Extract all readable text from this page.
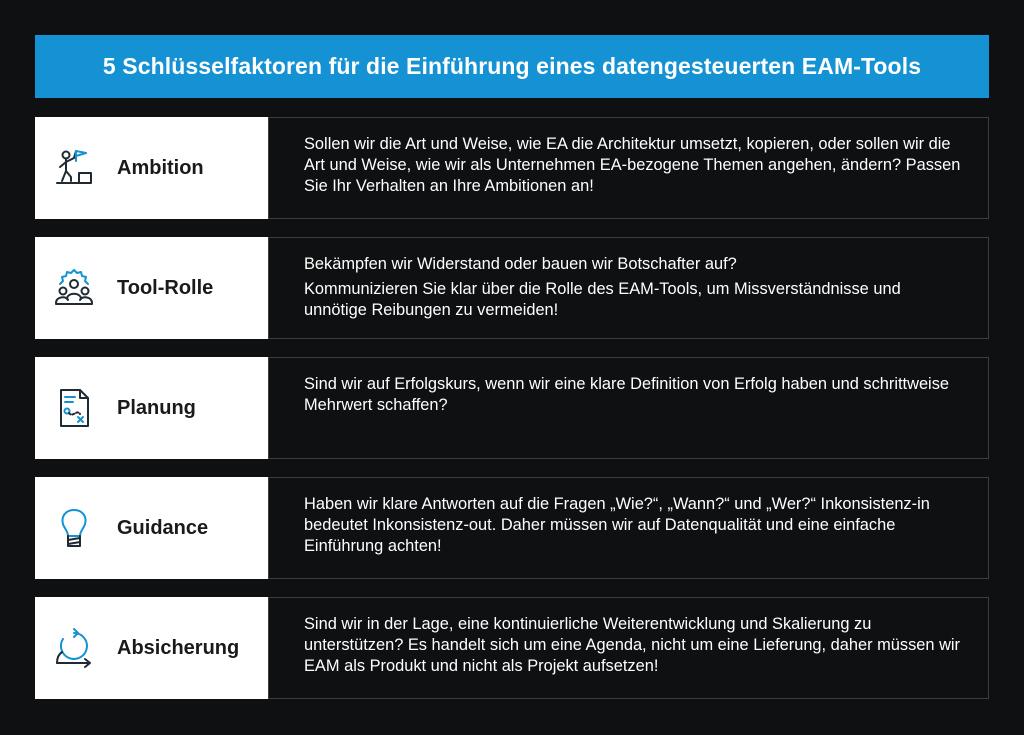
5 Schlüsselfaktoren für die Einführung eines datengesteuerten EAM-Tools
Ambition

Sollen wir die Art und Weise, wie EA die Architektur umsetzt, kopieren, oder sollen wir die Art und Weise, wie wir als Unternehmen EA-bezogene Themen angehen, ändern? Passen Sie Ihr Verhalten an Ihre Ambitionen an!

Tool-Rolle

Bekämpfen wir Widerstand oder bauen wir Botschafter auf?

Kommunizieren Sie klar über die Rolle des EAM-Tools, um Missverständnisse und unnötige Reibungen zu vermeiden!

Planung

Sind wir auf Erfolgskurs, wenn wir eine klare Definition von Erfolg haben und schrittweise Mehrwert schaffen?

Guidance

Haben wir klare Antworten auf die Fragen „Wie?“, „Wann?“ und „Wer?“ Inkonsistenz-in bedeutet Inkonsistenz-out. Daher müssen wir auf Datenqualität und eine einfache Einführung achten!

Absicherung

Sind wir in der Lage, eine kontinuierliche Weiterentwicklung und Skalierung zu unterstützen? Es handelt sich um eine Agenda, nicht um eine Lieferung, daher müssen wir EAM als Produkt und nicht als Projekt aufsetzen!
